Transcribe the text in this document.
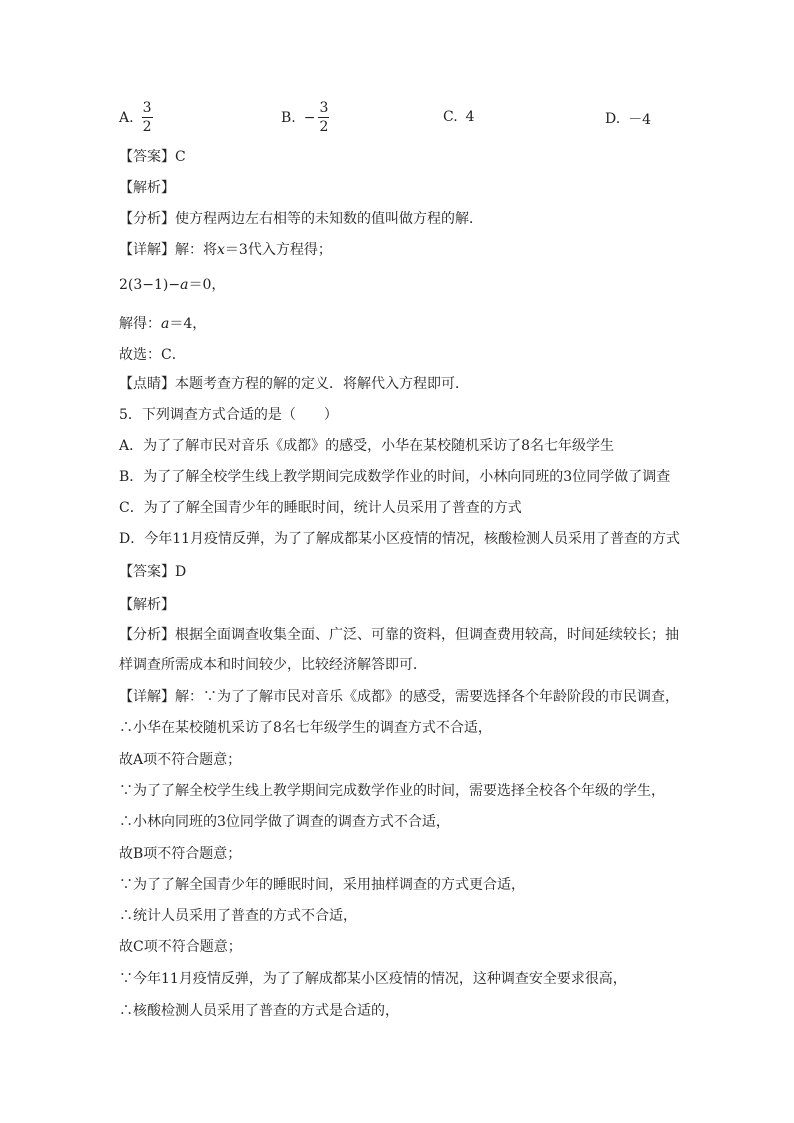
A. $\frac{3}{2}$	B. − $\frac{3}{2}$	C. 4	D. －4
【答案】C
【解析】
【分析】使方程两边左右相等的未知数的值叫做方程的解．
【详解】解：将x＝3代入方程得；
2(3−1)−a＝0，
解得：a＝4，
故选：C．
【点睛】本题考查方程的解的定义．将解代入方程即可．
5．下列调查方式合适的是（　　）
A．为了了解市民对音乐《成都》的感受，小华在某校随机采访了8名七年级学生
B．为了了解全校学生线上教学期间完成数学作业的时间，小林向同班的3位同学做了调查
C．为了了解全国青少年的睡眠时间，统计人员采用了普查的方式
D．今年11月疫情反弹，为了了解成都某小区疫情的情况，核酸检测人员采用了普查的方式
【答案】D
【解析】
【分析】根据全面调查收集全面、广泛、可靠的资料，但调查费用较高，时间延续较长；抽
样调查所需成本和时间较少，比较经济解答即可．
【详解】解：∵为了了解市民对音乐《成都》的感受，需要选择各个年龄阶段的市民调查，
∴小华在某校随机采访了8名七年级学生的调查方式不合适，
故A项不符合题意；
∵为了了解全校学生线上教学期间完成数学作业的时间，需要选择全校各个年级的学生，
∴小林向同班的3位同学做了调查的调查方式不合适，
故B项不符合题意；
∵为了了解全国青少年的睡眠时间，采用抽样调查的方式更合适，
∴统计人员采用了普查的方式不合适，
故C项不符合题意；
∵今年11月疫情反弹，为了了解成都某小区疫情的情况，这种调查安全要求很高，
∴核酸检测人员采用了普查的方式是合适的，
